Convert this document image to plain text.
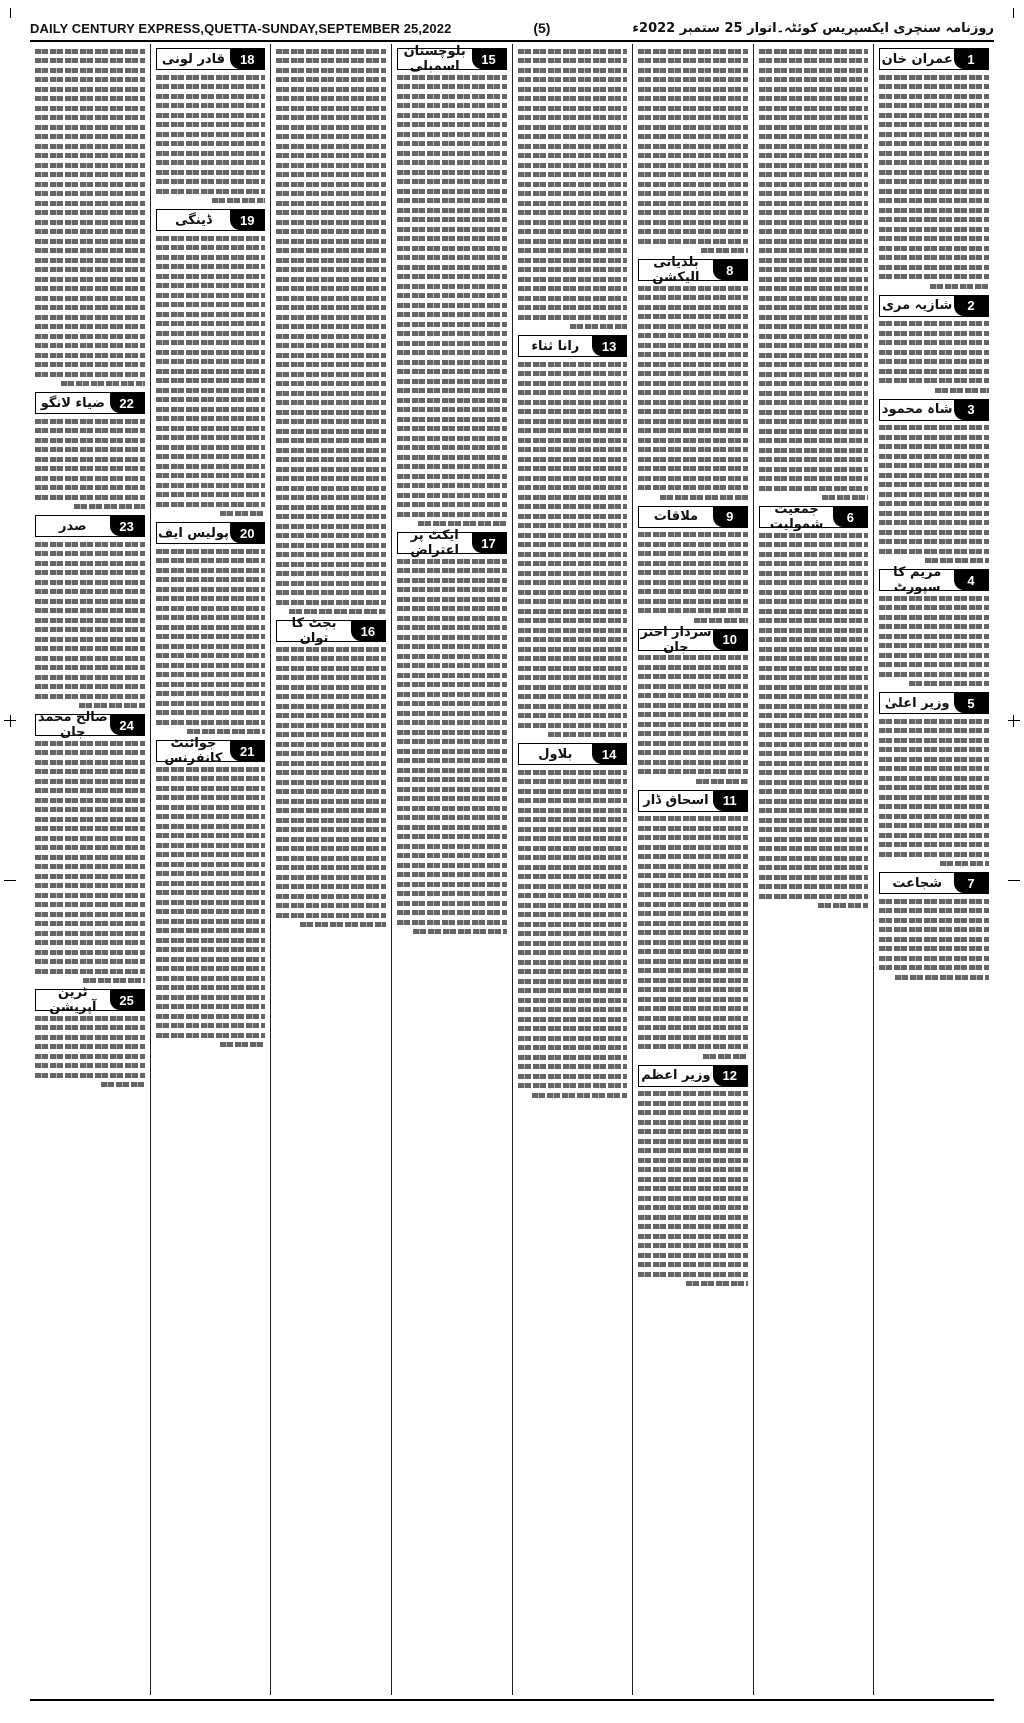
DAILY CENTURY EXPRESS,QUETTA-SUNDAY,SEPTEMBER 25,2022	(5)	روزنامہ سنچری ایکسپریس کوئٹہ۔اتوار 25 ستمبر 2022ء
1
عمران خان
2
شازیہ مری
3
شاہ محمود
4
مریم کا سپورٹ
5
وزیر اعلیٰ
7
شجاعت
6
جمعیت شمولیت
8
بلدیاتی الیکشن
9
ملاقات
10
سردار اختر جان
11
اسحاق ڈار
12
وزیر اعظم
13
رانا ثناء
14
بلاول
15
بلوچستان اسمبلی
17
ایکٹ پر اعتراض
16
بجٹ کا توان
18
قادر لونی
19
ڈینگی
20
پولیس ایف
21
جوائنٹ کانفرنس
22
ضیاء لانگو
23
صدر
24
صالح محمد جان
25
ٹرین آپریشن
